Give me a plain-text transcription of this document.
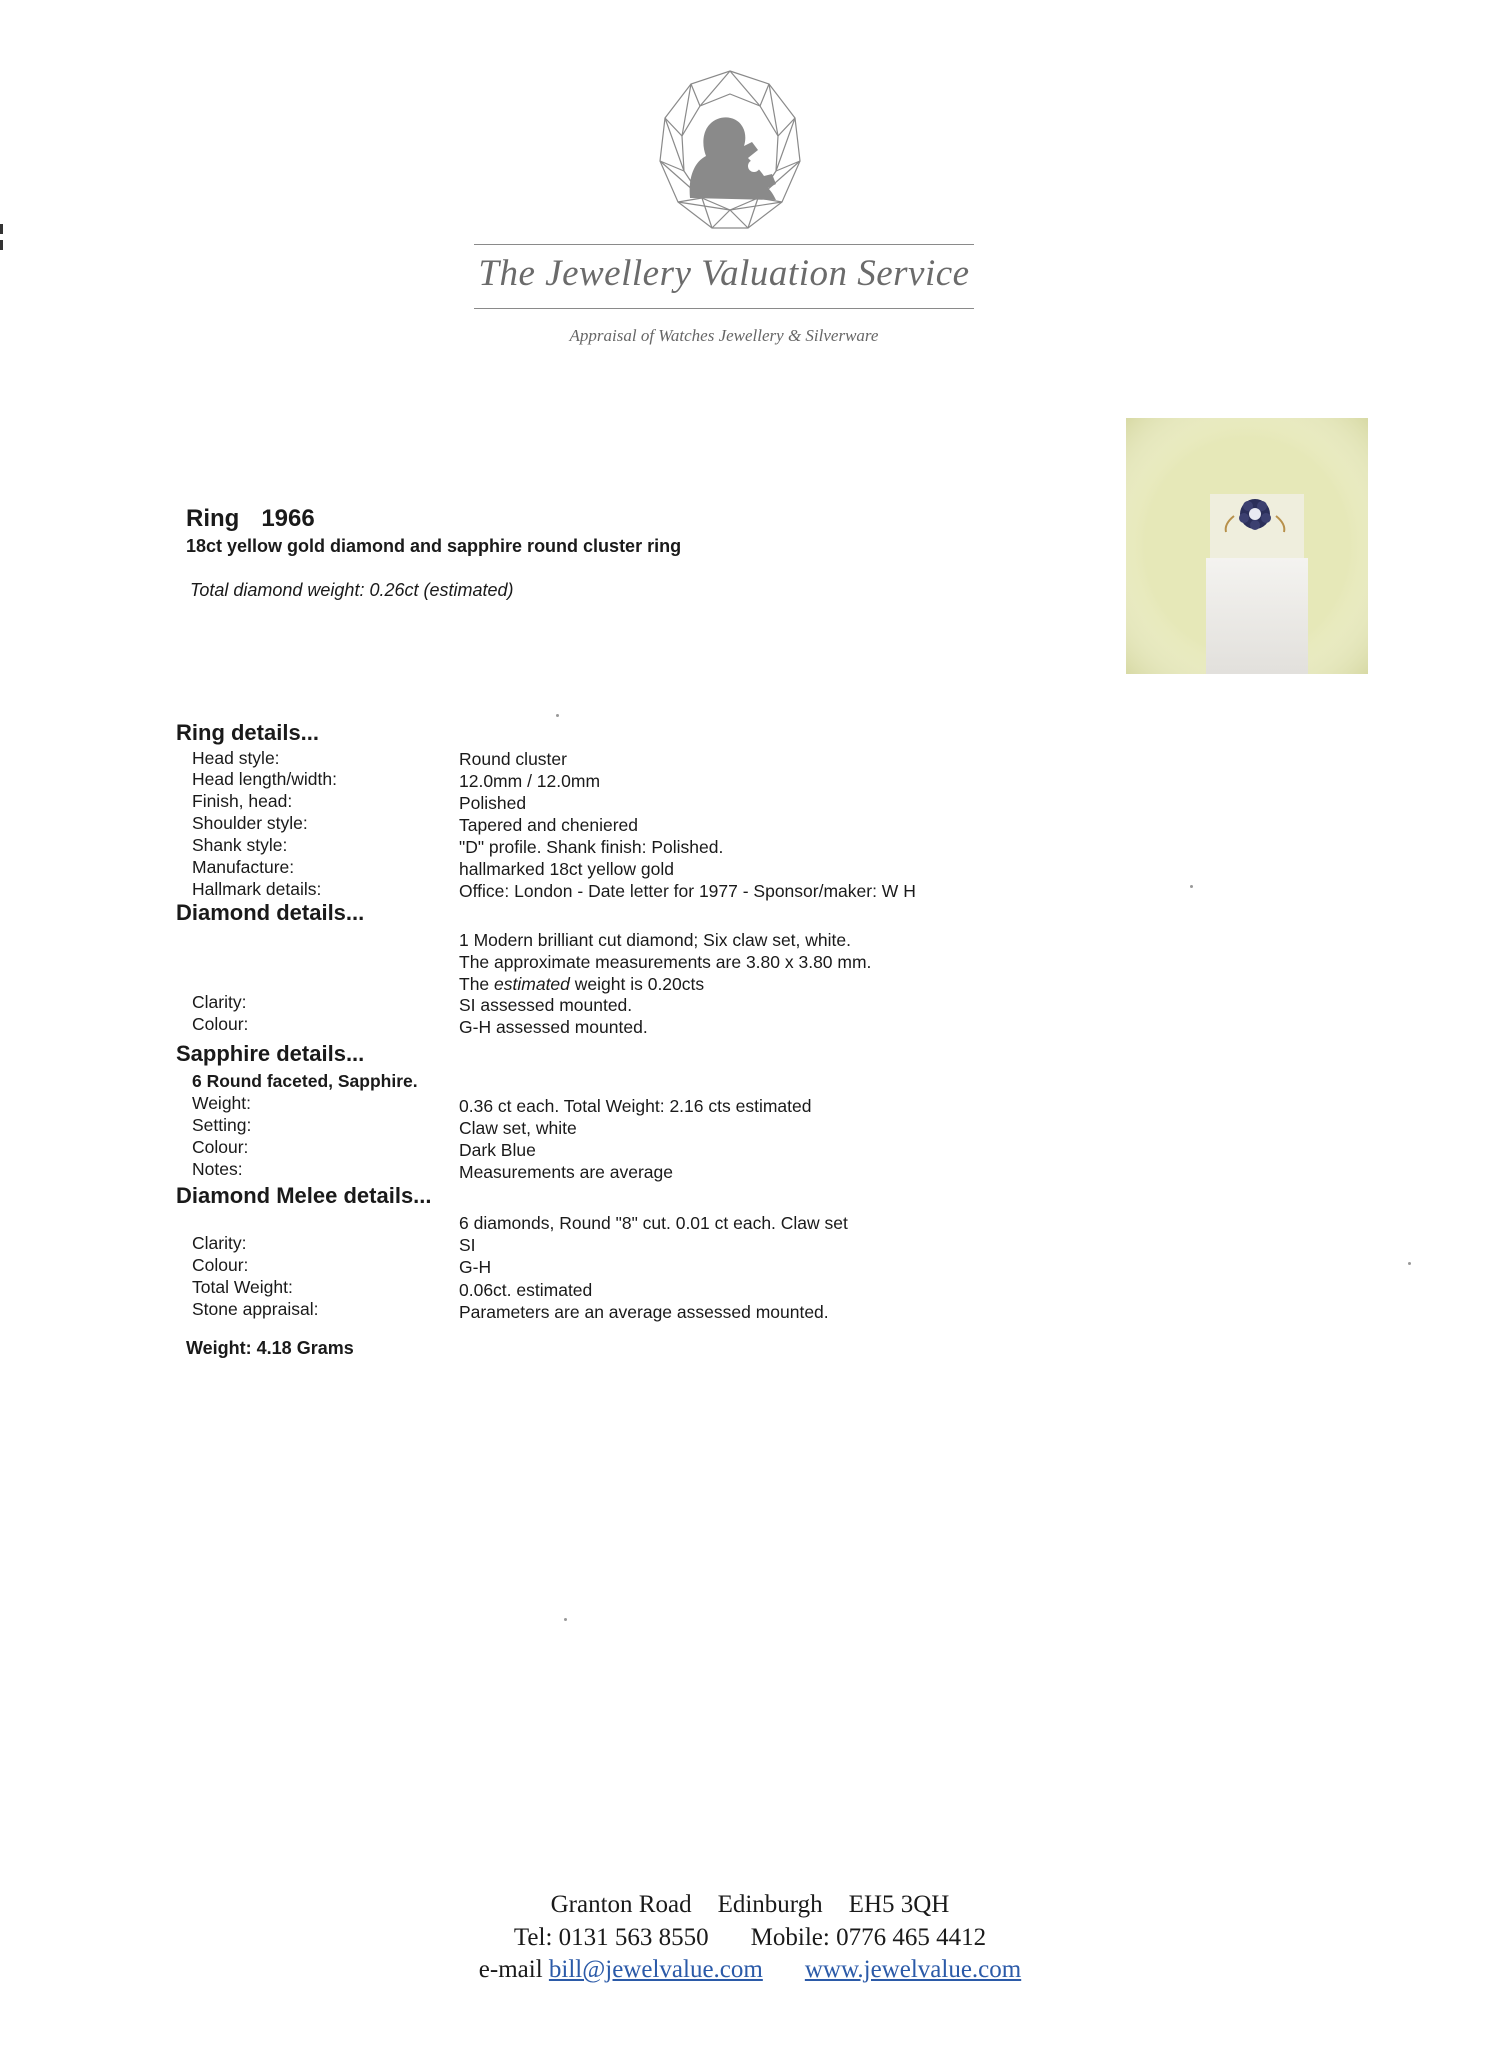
The Jewellery Valuation Service
Appraisal of Watches Jewellery & Silverware
Ring 1966
18ct yellow gold diamond and sapphire round cluster ring
Total diamond weight: 0.26ct (estimated)
Ring details...
Head style:	Round cluster
Head length/width:	12.0mm / 12.0mm
Finish, head:	Polished
Shoulder style:	Tapered and cheniered
Shank style:	"D" profile. Shank finish: Polished.
Manufacture:	hallmarked 18ct yellow gold
Hallmark details:	Office: London - Date letter for 1977 - Sponsor/maker: W H
Diamond details...
1 Modern brilliant cut diamond; Six claw set, white.
The approximate measurements are 3.80 x 3.80 mm.
The estimated weight is 0.20cts
Clarity:	SI assessed mounted.
Colour:	G-H assessed mounted.
Sapphire details...
6 Round faceted, Sapphire.
Weight:	0.36 ct each. Total Weight: 2.16 cts estimated
Setting:	Claw set, white
Colour:	Dark Blue
Notes:	Measurements are average
Diamond Melee details...
6 diamonds, Round "8" cut. 0.01 ct each. Claw set
Clarity:	SI
Colour:	G-H
Total Weight:	0.06ct. estimated
Stone appraisal:	Parameters are an average assessed mounted.
Weight: 4.18 Grams
Granton Road Edinburgh EH5 3QH
Tel: 0131 563 8550 Mobile: 0776 465 4412
e-mail bill@jewelvalue.com www.jewelvalue.com
